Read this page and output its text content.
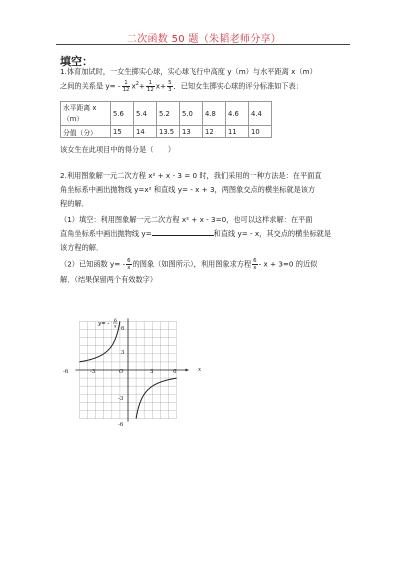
二次函数 50 题（朱韬老师分享）
填空：
1.体育加试时，一女生掷实心球，实心球飞行中高度 y（m）与水平距离 x（m）
之间的关系是 $y= - \frac{1}{12} x^2+ \frac{1}{12} x+ \frac{5}{3}$ ．已知女生掷实心球的评分标准如下表：
水平距离 x
（m）	5.6	5.4	5.2	5.0	4.8	4.6	4.4
分值（分）	15	14	13.5	13	12	11	10
该女生在此项目中的得分是（　　）
2.利用图象解一元二次方程 x² + x - 3 = 0 时，我们采用的一种方法是：在平面直
角坐标系中画出抛物线 y=x² 和直线 y= - x + 3，两图象交点的横坐标就是该方
程的解．
（1）填空：利用图象解一元二次方程 x² + x - 3=0，也可以这样求解：在平面
直角坐标系中画出抛物线 y=	和直线 y= - x，其交点的横坐标就是
该方程的解．
（2）已知函数 $y= - \frac{6}{x}$ 的图象（如图所示），利用图象求方程 $\frac{6}{x} - x + 3=0$ 的近似
解．（结果保留两个有效数字）
y= - 6
x 6
3
-3
-6
-6	-3	O	3	6	x
